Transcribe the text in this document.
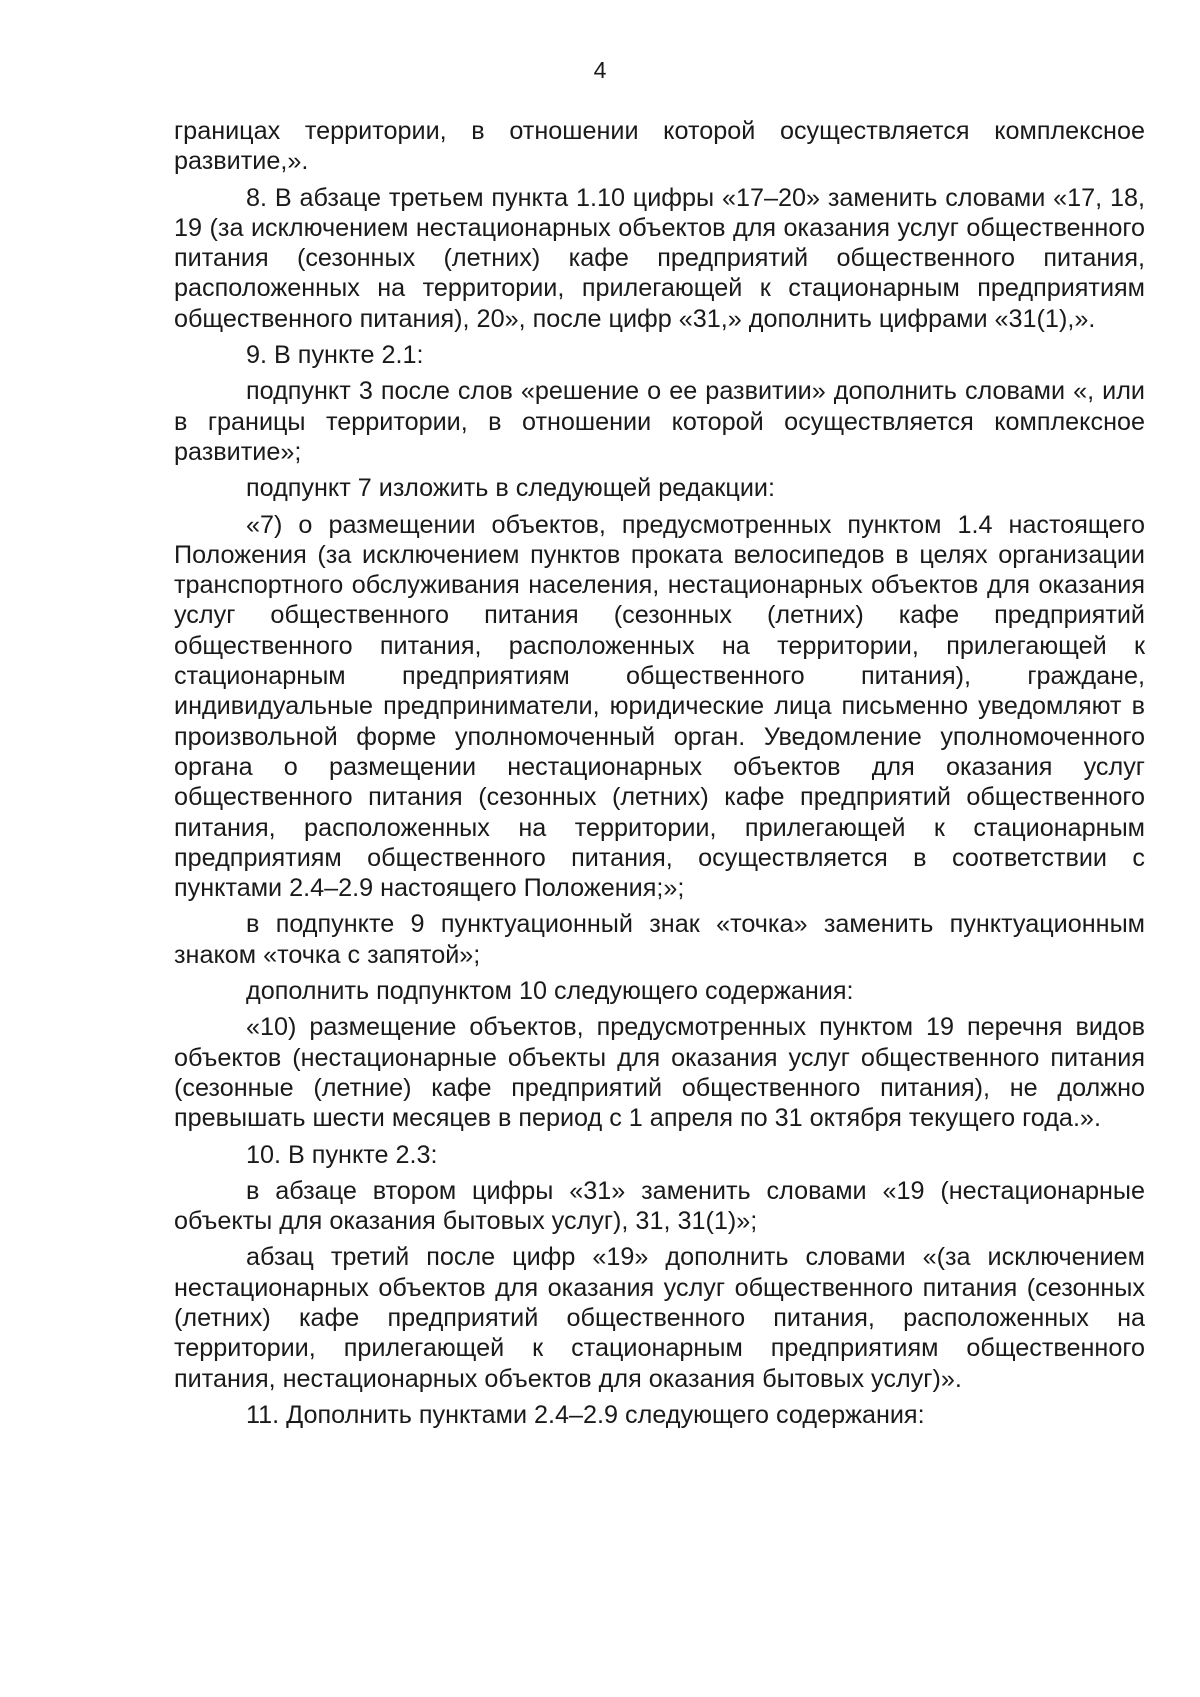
4

границах территории, в отношении которой осуществляется комплексное развитие,».

8. В абзаце третьем пункта 1.10 цифры «17–20» заменить словами «17, 18, 19 (за исключением нестационарных объектов для оказания услуг общественного питания (сезонных (летних) кафе предприятий общественного питания, расположенных на территории, прилегающей к стационарным предприятиям общественного питания), 20», после цифр «31,» дополнить цифрами «31(1),».

9. В пункте 2.1:

подпункт 3 после слов «решение о ее развитии» дополнить словами «, или в границы территории, в отношении которой осуществляется комплексное развитие»;

подпункт 7 изложить в следующей редакции:

«7) о размещении объектов, предусмотренных пунктом 1.4 настоящего Положения (за исключением пунктов проката велосипедов в целях организации транспортного обслуживания населения, нестационарных объектов для оказания услуг общественного питания (сезонных (летних) кафе предприятий общественного питания, расположенных на территории, прилегающей к стационарным предприятиям общественного питания), граждане, индивидуальные предприниматели, юридические лица письменно уведомляют в произвольной форме уполномоченный орган. Уведомление уполномоченного органа о размещении нестационарных объектов для оказания услуг общественного питания (сезонных (летних) кафе предприятий общественного питания, расположенных на территории, прилегающей к стационарным предприятиям общественного питания, осуществляется в соответствии с пунктами 2.4–2.9 настоящего Положения;»;

в подпункте 9 пунктуационный знак «точка» заменить пунктуационным знаком «точка с запятой»;

дополнить подпунктом 10 следующего содержания:

«10) размещение объектов, предусмотренных пунктом 19 перечня видов объектов (нестационарные объекты для оказания услуг общественного питания (сезонные (летние) кафе предприятий общественного питания), не должно превышать шести месяцев в период с 1 апреля по 31 октября текущего года.».

10. В пункте 2.3:

в абзаце втором цифры «31» заменить словами «19 (нестационарные объекты для оказания бытовых услуг), 31, 31(1)»;

абзац третий после цифр «19» дополнить словами «(за исключением нестационарных объектов для оказания услуг общественного питания (сезонных (летних) кафе предприятий общественного питания, расположенных на территории, прилегающей к стационарным предприятиям общественного питания, нестационарных объектов для оказания бытовых услуг)».

11. Дополнить пунктами 2.4–2.9 следующего содержания:
